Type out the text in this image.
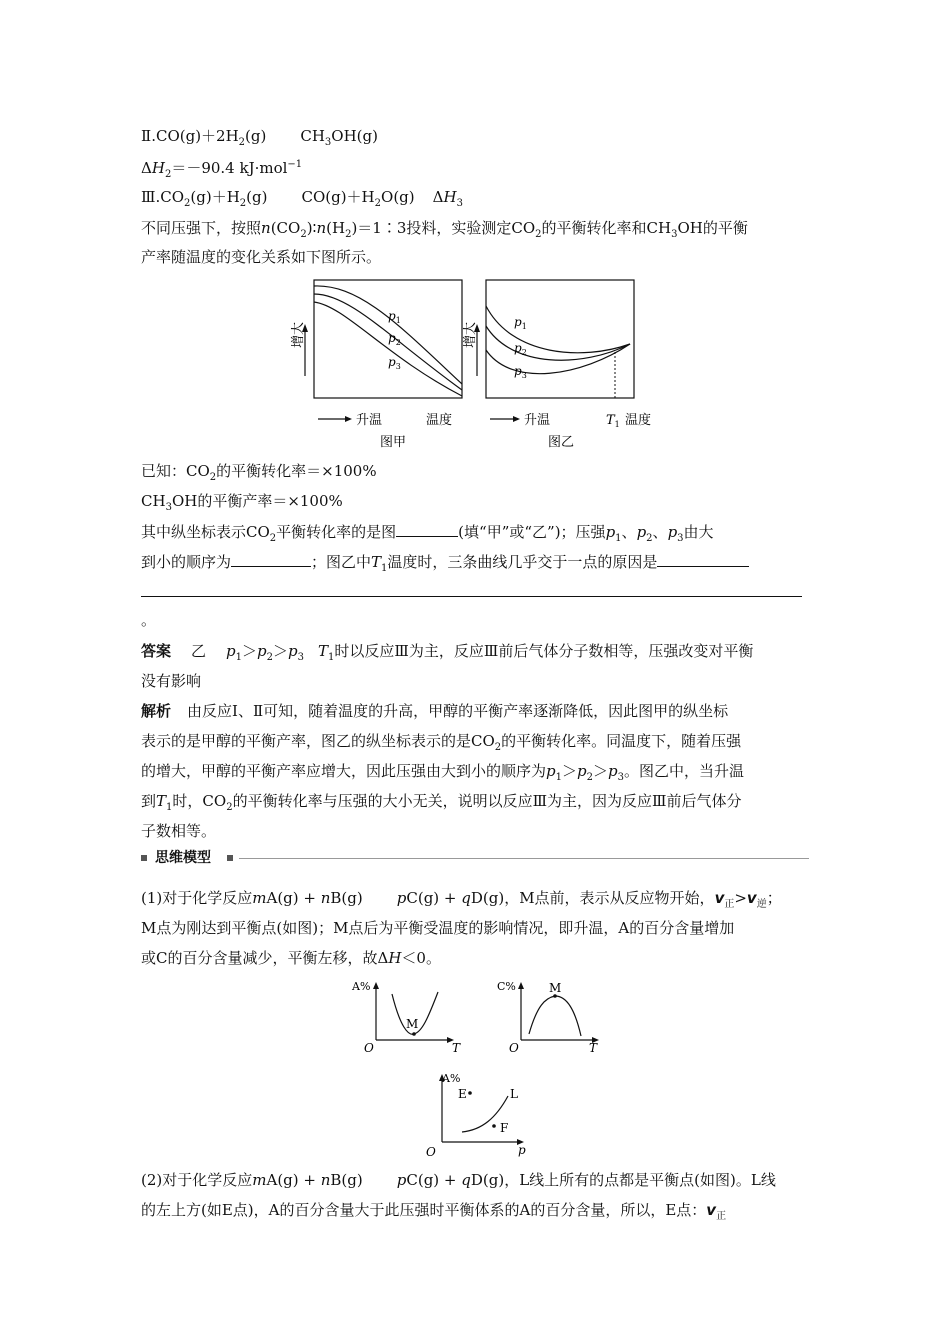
$Ⅱ.CO(g)+2H_2(g)$ $CH_3OH(g)$
$\Delta H_2=-90.4$ kJ·mol$^{-1}$
$Ⅲ.CO_2(g)+H_2(g)$ $CO(g)+H_2O(g)$ $\Delta H_3$
不同压强下，按照$n(CO_2)∶n(H_2)=1∶3$投料，实验测定$CO_2$的平衡转化率和$CH_3OH$的平衡
产率随温度的变化关系如下图所示。
$p_1$
$p_2$
$p_3$
增大
升温	温度
图甲
$p_1$
$p_2$
$p_3$
增大
升温	$T_1$ 温度
图乙
已知：$CO_2$的平衡转化率＝×100%
$CH_3OH$的平衡产率＝×100%
其中纵坐标表示$CO_2$平衡转化率的是图	(填“甲”或“乙”)；压强$p_1$、$p_2$、$p_3$由大
到小的顺序为	；图乙中$T_1$温度时，三条曲线几乎交于一点的原因是
。
答案 乙 $p_1>p_2>p_3$ $T_1$时以反应Ⅲ为主，反应Ⅲ前后气体分子数相等，压强改变对平衡
没有影响
解析 由反应Ⅰ、Ⅱ可知，随着温度的升高，甲醇的平衡产率逐渐降低，因此图甲的纵坐标
表示的是甲醇的平衡产率，图乙的纵坐标表示的是$CO_2$的平衡转化率。同温度下，随着压强
的增大，甲醇的平衡产率应增大，因此压强由大到小的顺序为$p_1>p_2>p_3$。图乙中，当升温
到$T_1$时，$CO_2$的平衡转化率与压强的大小无关，说明以反应Ⅲ为主，因为反应Ⅲ前后气体分
子数相等。
思维模型
(1)对于化学反应mA(g) + nB(g) pC(g) + qD(g)，M点前，表示从反应物开始，$v_正>v_逆$；
M点为刚达到平衡点(如图)；M点后为平衡受温度的影响情况，即升温，A的百分含量增加
或C的百分含量减少，平衡左移，故ΔH＜0。
A%
O	T
M
C%
O	T
M
A%
O	p
E
F
L
(2)对于化学反应mA(g) + nB(g) pC(g) + qD(g)，L线上所有的点都是平衡点(如图)。L线
的左上方(如E点)，A的百分含量大于此压强时平衡体系的A的百分含量，所以，E点：$v_正$
